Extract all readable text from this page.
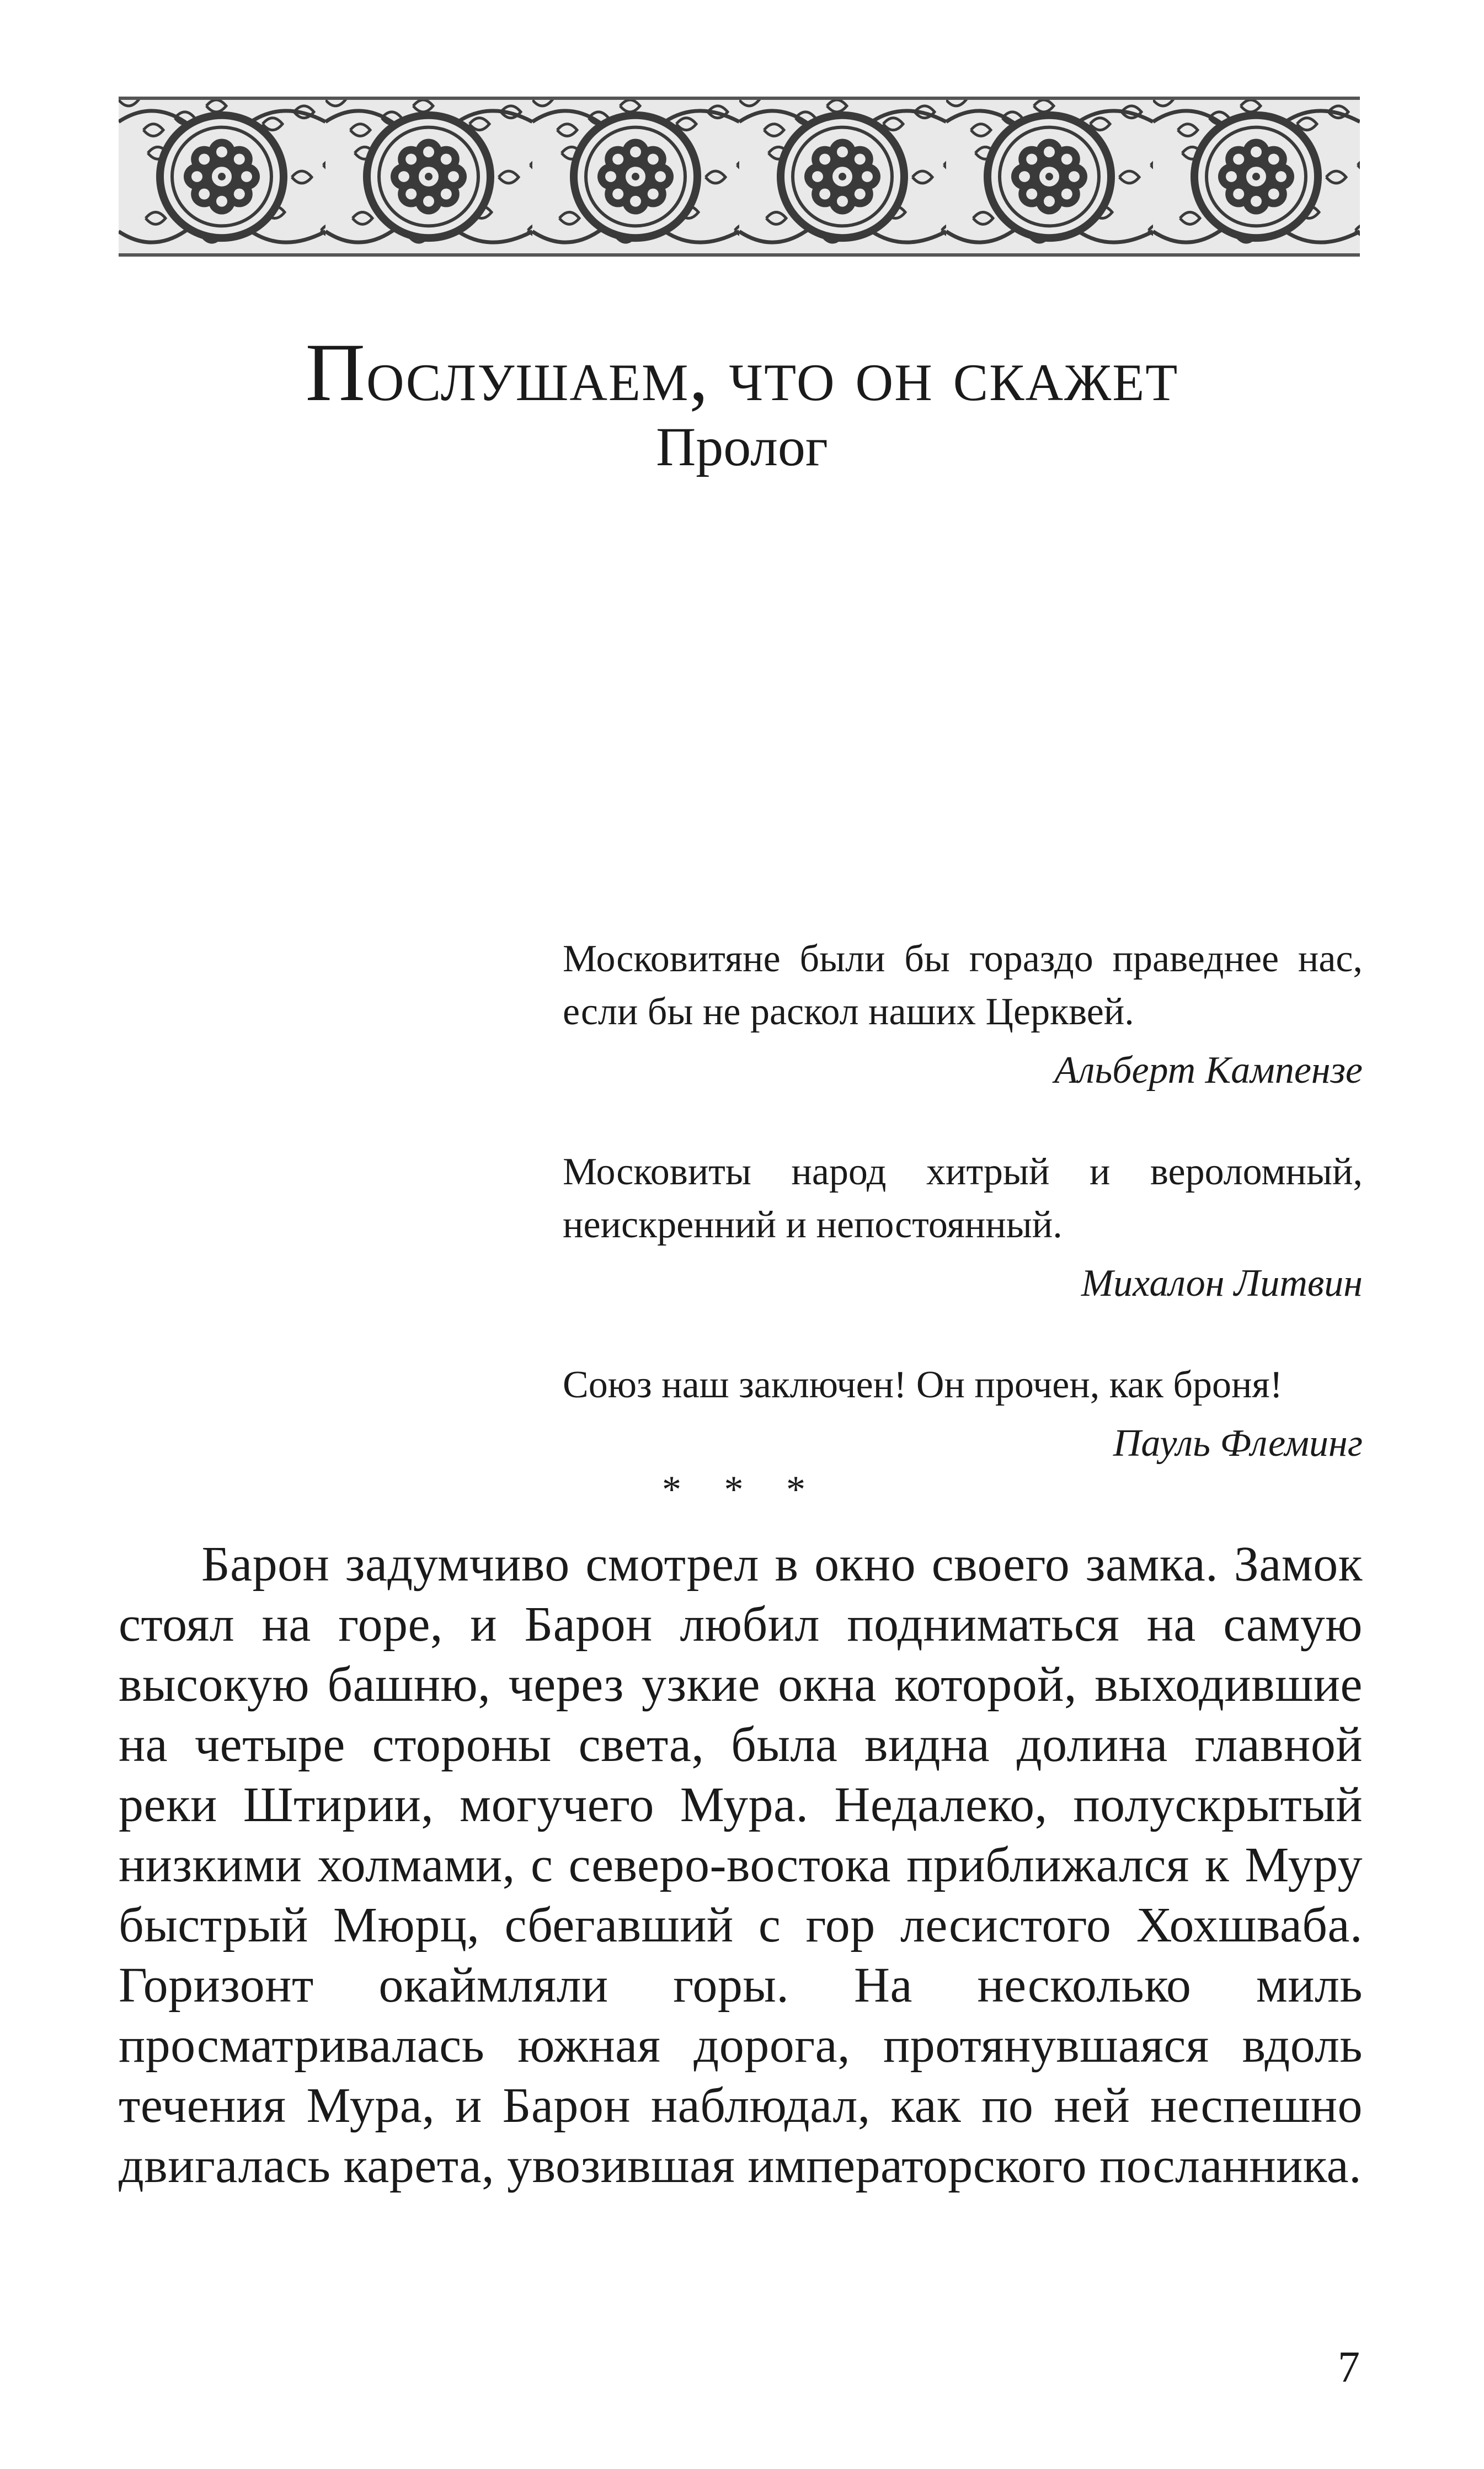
Послушаем, что он скажет
Пролог
Московитяне были бы гораздо праведнее нас, если бы не раскол наших Церквей.
Альберт Кампензе
Московиты народ хитрый и вероломный, неискренний и непостоянный.
Михалон Литвин
Союз наш заключен! Он прочен, как броня!
Пауль Флеминг
* * *

Барон задумчиво смотрел в окно своего замка. Замок стоял на горе, и Барон любил подниматься на самую высокую башню, через узкие окна которой, выходившие на четыре стороны света, была видна долина главной реки Штирии, могучего Мура. Недалеко, полускрытый низкими холмами, с северо-востока приближался к Муру быстрый Мюрц, сбегавший с гор лесистого Хохшваба. Горизонт окаймляли горы. На несколько миль просматривалась южная дорога, протянувшаяся вдоль течения Мура, и Барон наблюдал, как по ней неспешно двигалась карета, увозившая императорского посланника.

7
